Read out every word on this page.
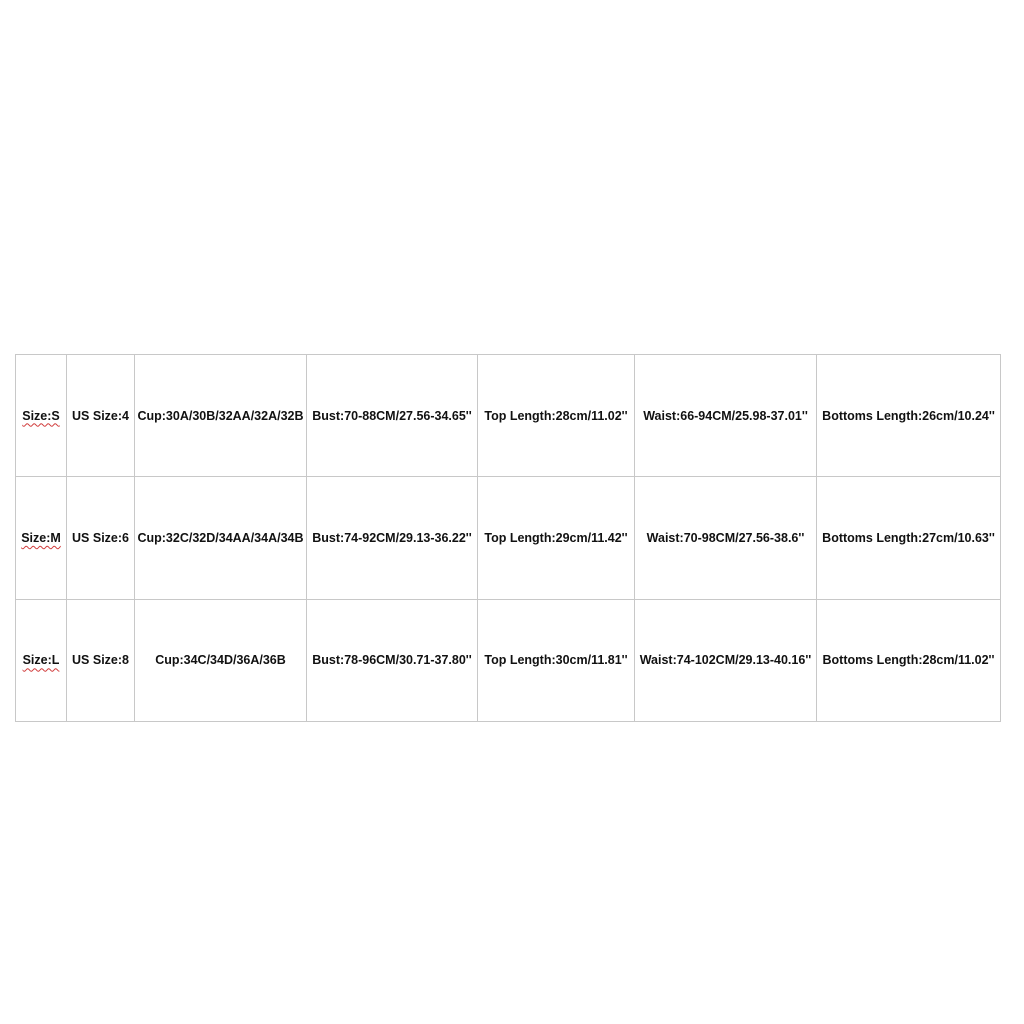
Size:S	US Size:4	Cup:30A/30B/32AA/32A/32B	Bust:70-88CM/27.56-34.65''	Top Length:28cm/11.02''	Waist:66-94CM/25.98-37.01''	Bottoms Length:26cm/10.24''
Size:M	US Size:6	Cup:32C/32D/34AA/34A/34B	Bust:74-92CM/29.13-36.22''	Top Length:29cm/11.42''	Waist:70-98CM/27.56-38.6''	Bottoms Length:27cm/10.63''
Size:L	US Size:8	Cup:34C/34D/36A/36B	Bust:78-96CM/30.71-37.80''	Top Length:30cm/11.81''	Waist:74-102CM/29.13-40.16''	Bottoms Length:28cm/11.02''
